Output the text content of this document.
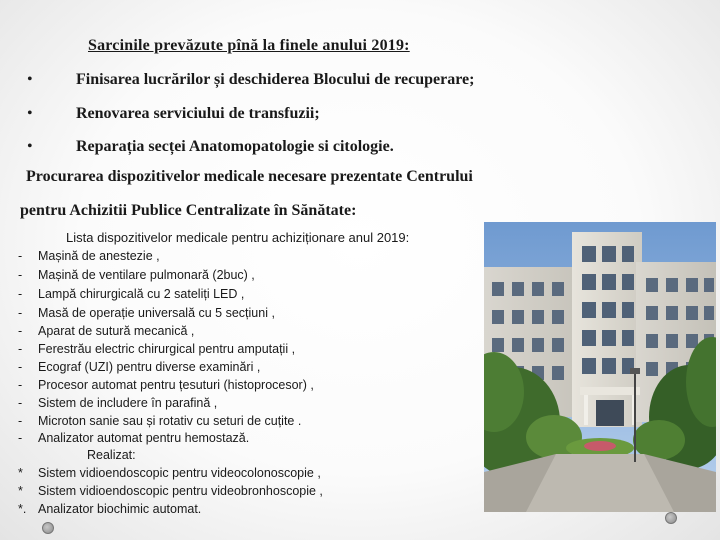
Sarcinile prevăzute pînă la finele anului 2019:
•	Finisarea lucrărilor și deschiderea Blocului de recuperare;
•	Renovarea serviciului de transfuzii;
•	Reparația secței Anatomopatologie si citologie.
Procurarea dispozitivelor medicale necesare prezentate Centrului
pentru Achizitii Publice Centralizate în Sănătate:
Lista dispozitivelor medicale pentru achiziționare anul 2019:
- Mașină de anestezie ,
- Mașină de ventilare pulmonară (2buc) ,
- Lampă chirurgicală cu 2 sateliți LED ,
- Masă de operație universală cu 5 secțiuni ,
- Aparat de sutură mecanică ,
- Ferestrău electric chirurgical pentru amputații ,
- Ecograf (UZI) pentru diverse examinări ,
- Procesor automat pentru țesuturi (histoprocesor) ,
- Sistem de includere în parafină ,
- Microton sanie sau și rotativ cu seturi de cuțite .
- Analizator automat pentru hemostază.
Realizat:
* Sistem vidioendoscopic pentru videocolonoscopie ,
* Sistem vidioendoscopic pentru videobronhoscopie ,
*. Analizator biochimic automat.
